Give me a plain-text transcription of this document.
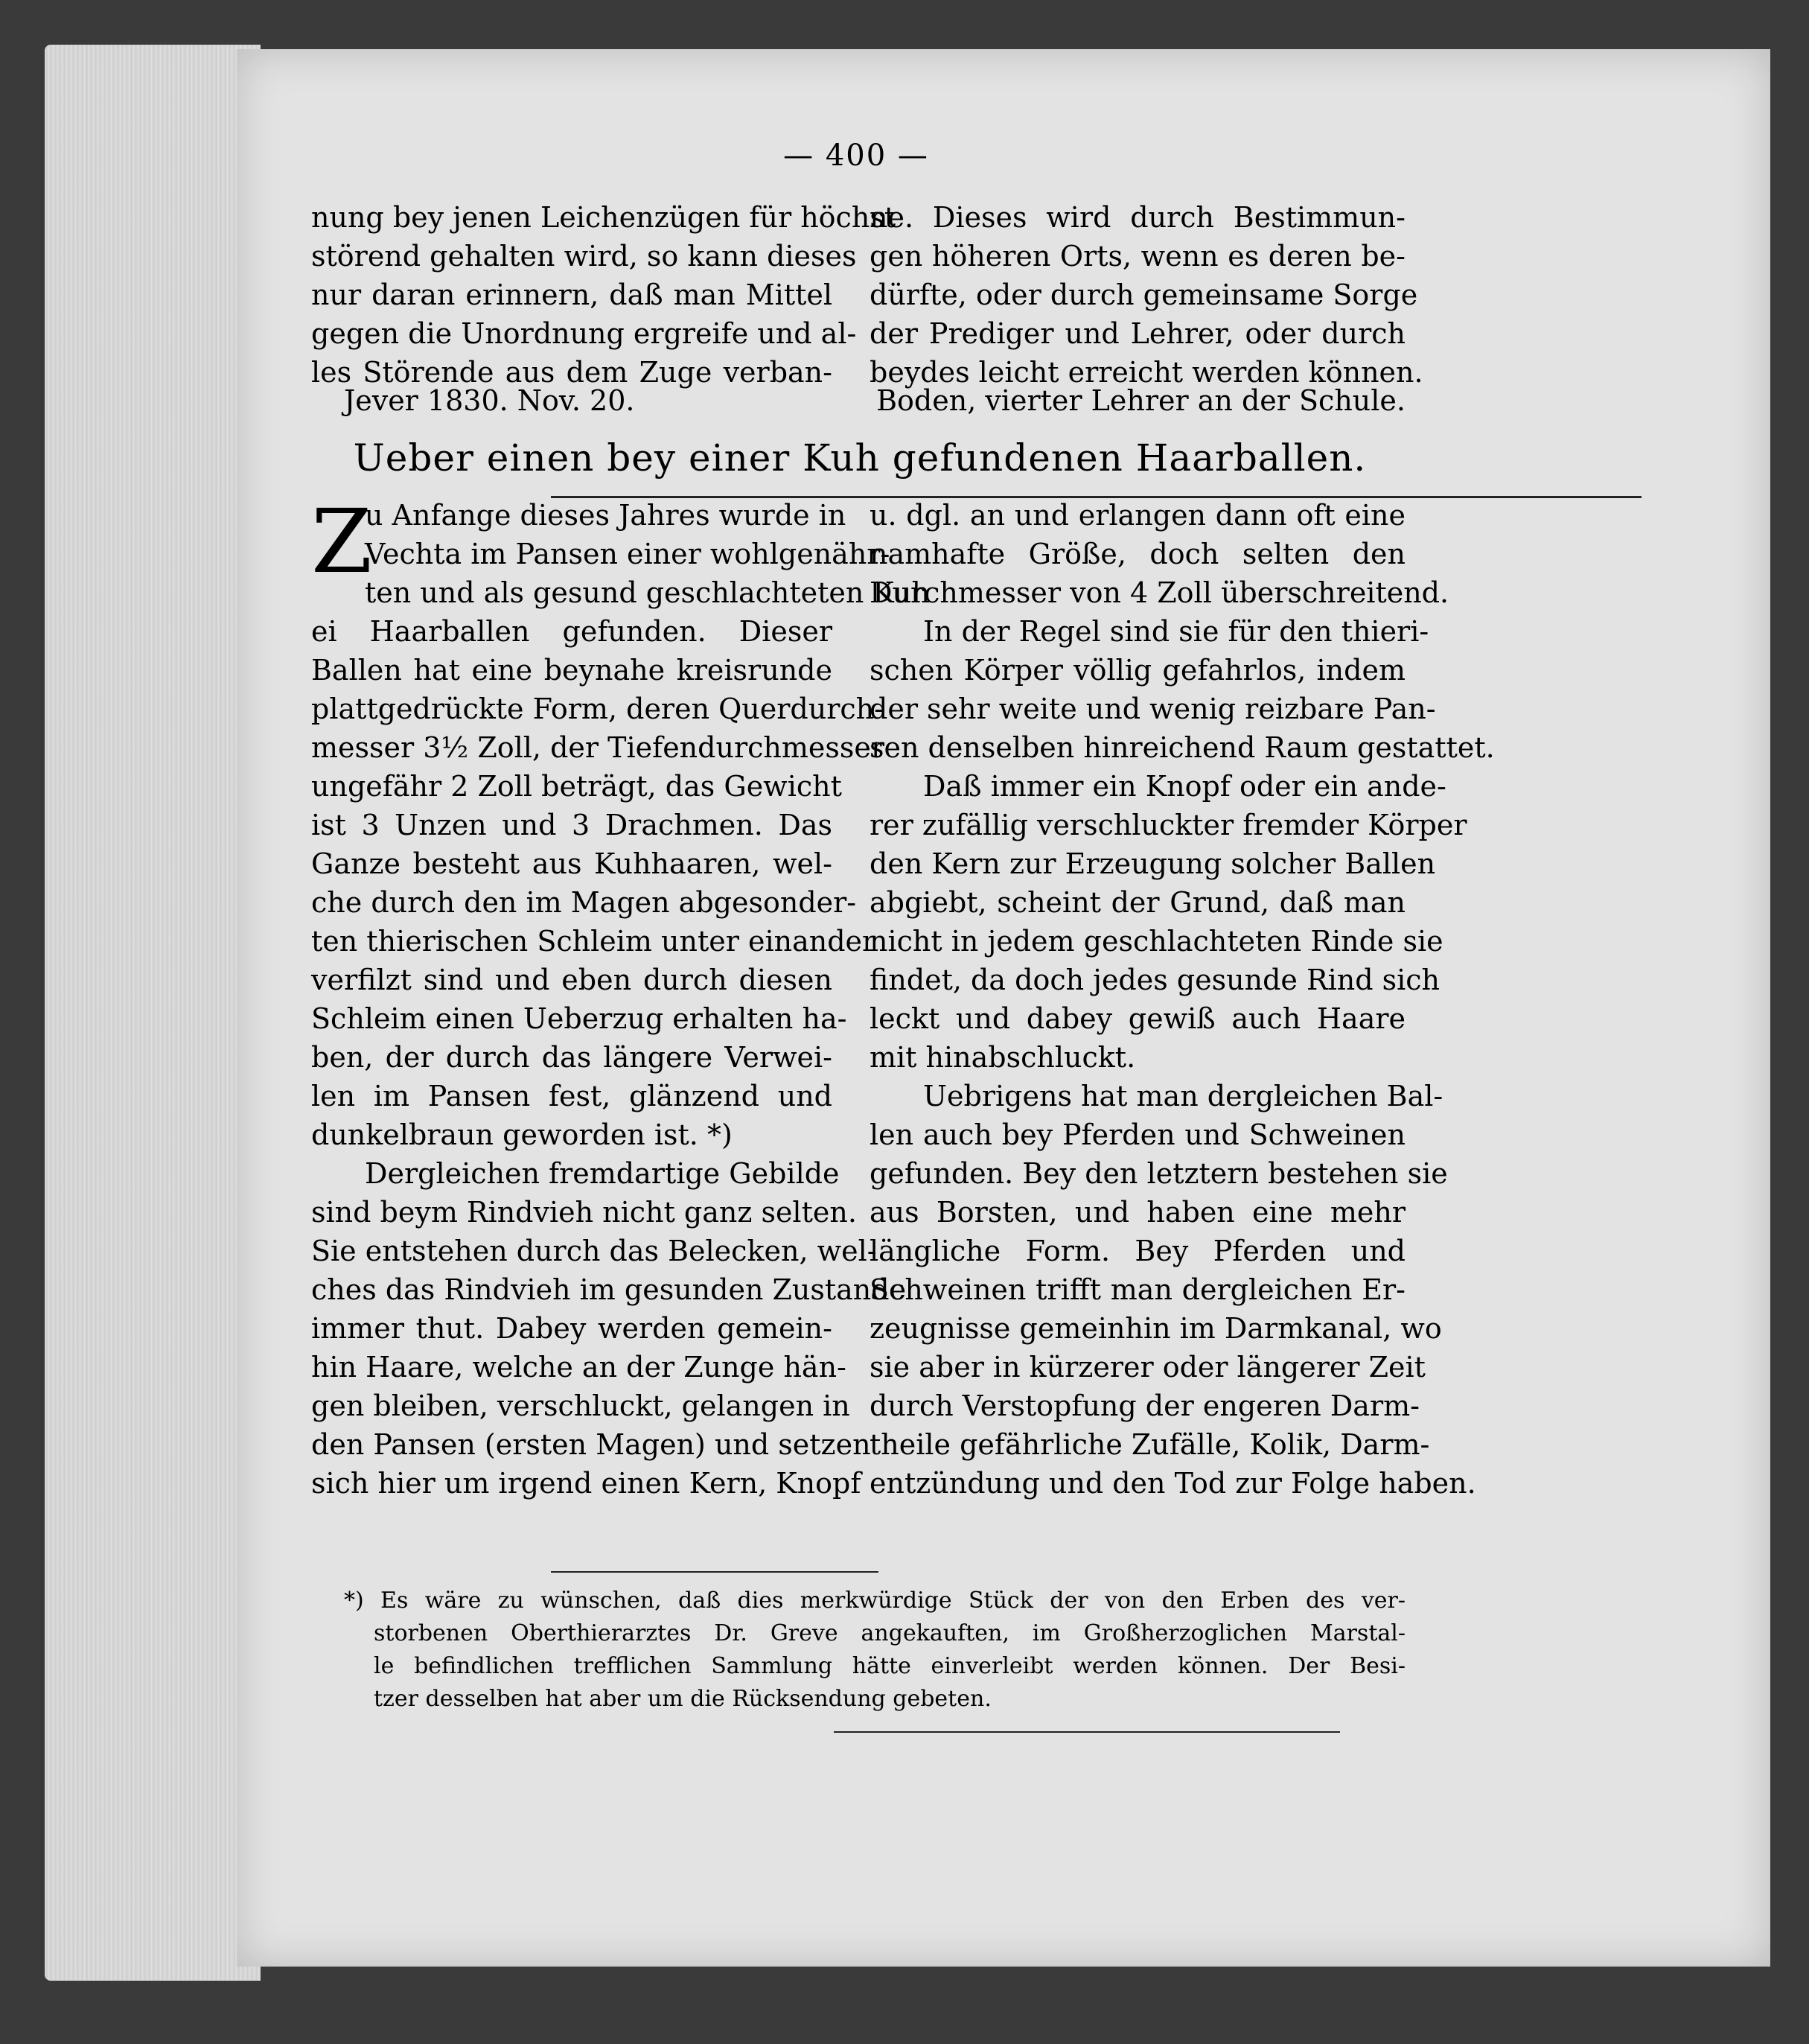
— 400 —
nung bey jenen Leichenzügen für höchst
störend gehalten wird, so kann dieses
nur daran erinnern, daß man Mittel
gegen die Unordnung ergreife und al-
les Störende aus dem Zuge verban-
ne. Dieses wird durch Bestimmun-
gen höheren Orts, wenn es deren be-
dürfte, oder durch gemeinsame Sorge
der Prediger und Lehrer, oder durch
beydes leicht erreicht werden können.
Jever 1830. Nov. 20.	Boden, vierter Lehrer an der Schule.
Ueber einen bey einer Kuh gefundenen Haarballen.
Z
u Anfange dieses Jahres wurde in
Vechta im Pansen einer wohlgenähr-
ten und als gesund geschlachteten Kuh
ei Haarballen gefunden. Dieser
Ballen hat eine beynahe kreisrunde
plattgedrückte Form, deren Querdurch-
messer 3½ Zoll, der Tiefendurchmesser
ungefähr 2 Zoll beträgt, das Gewicht
ist 3 Unzen und 3 Drachmen. Das
Ganze besteht aus Kuhhaaren, wel-
che durch den im Magen abgesonder-
ten thierischen Schleim unter einander
verfilzt sind und eben durch diesen
Schleim einen Ueberzug erhalten ha-
ben, der durch das längere Verwei-
len im Pansen fest, glänzend und
dunkelbraun geworden ist. *)
Dergleichen fremdartige Gebilde
sind beym Rindvieh nicht ganz selten.
Sie entstehen durch das Belecken, wel-
ches das Rindvieh im gesunden Zustande
immer thut. Dabey werden gemein-
hin Haare, welche an der Zunge hän-
gen bleiben, verschluckt, gelangen in
den Pansen (ersten Magen) und setzen
sich hier um irgend einen Kern, Knopf
u. dgl. an und erlangen dann oft eine
namhafte Größe, doch selten den
Durchmesser von 4 Zoll überschreitend.
In der Regel sind sie für den thieri-
schen Körper völlig gefahrlos, indem
der sehr weite und wenig reizbare Pan-
sen denselben hinreichend Raum gestattet.
Daß immer ein Knopf oder ein ande-
rer zufällig verschluckter fremder Körper
den Kern zur Erzeugung solcher Ballen
abgiebt, scheint der Grund, daß man
nicht in jedem geschlachteten Rinde sie
findet, da doch jedes gesunde Rind sich
leckt und dabey gewiß auch Haare
mit hinabschluckt.
Uebrigens hat man dergleichen Bal-
len auch bey Pferden und Schweinen
gefunden. Bey den letztern bestehen sie
aus Borsten, und haben eine mehr
längliche Form. Bey Pferden und
Schweinen trifft man dergleichen Er-
zeugnisse gemeinhin im Darmkanal, wo
sie aber in kürzerer oder längerer Zeit
durch Verstopfung der engeren Darm-
theile gefährliche Zufälle, Kolik, Darm-
entzündung und den Tod zur Folge haben.
*) Es wäre zu wünschen, daß dies merkwürdige Stück der von den Erben des ver-
storbenen Oberthierarztes Dr. Greve angekauften, im Großherzoglichen Marstal-
le befindlichen trefflichen Sammlung hätte einverleibt werden können. Der Besi-
tzer desselben hat aber um die Rücksendung gebeten.
